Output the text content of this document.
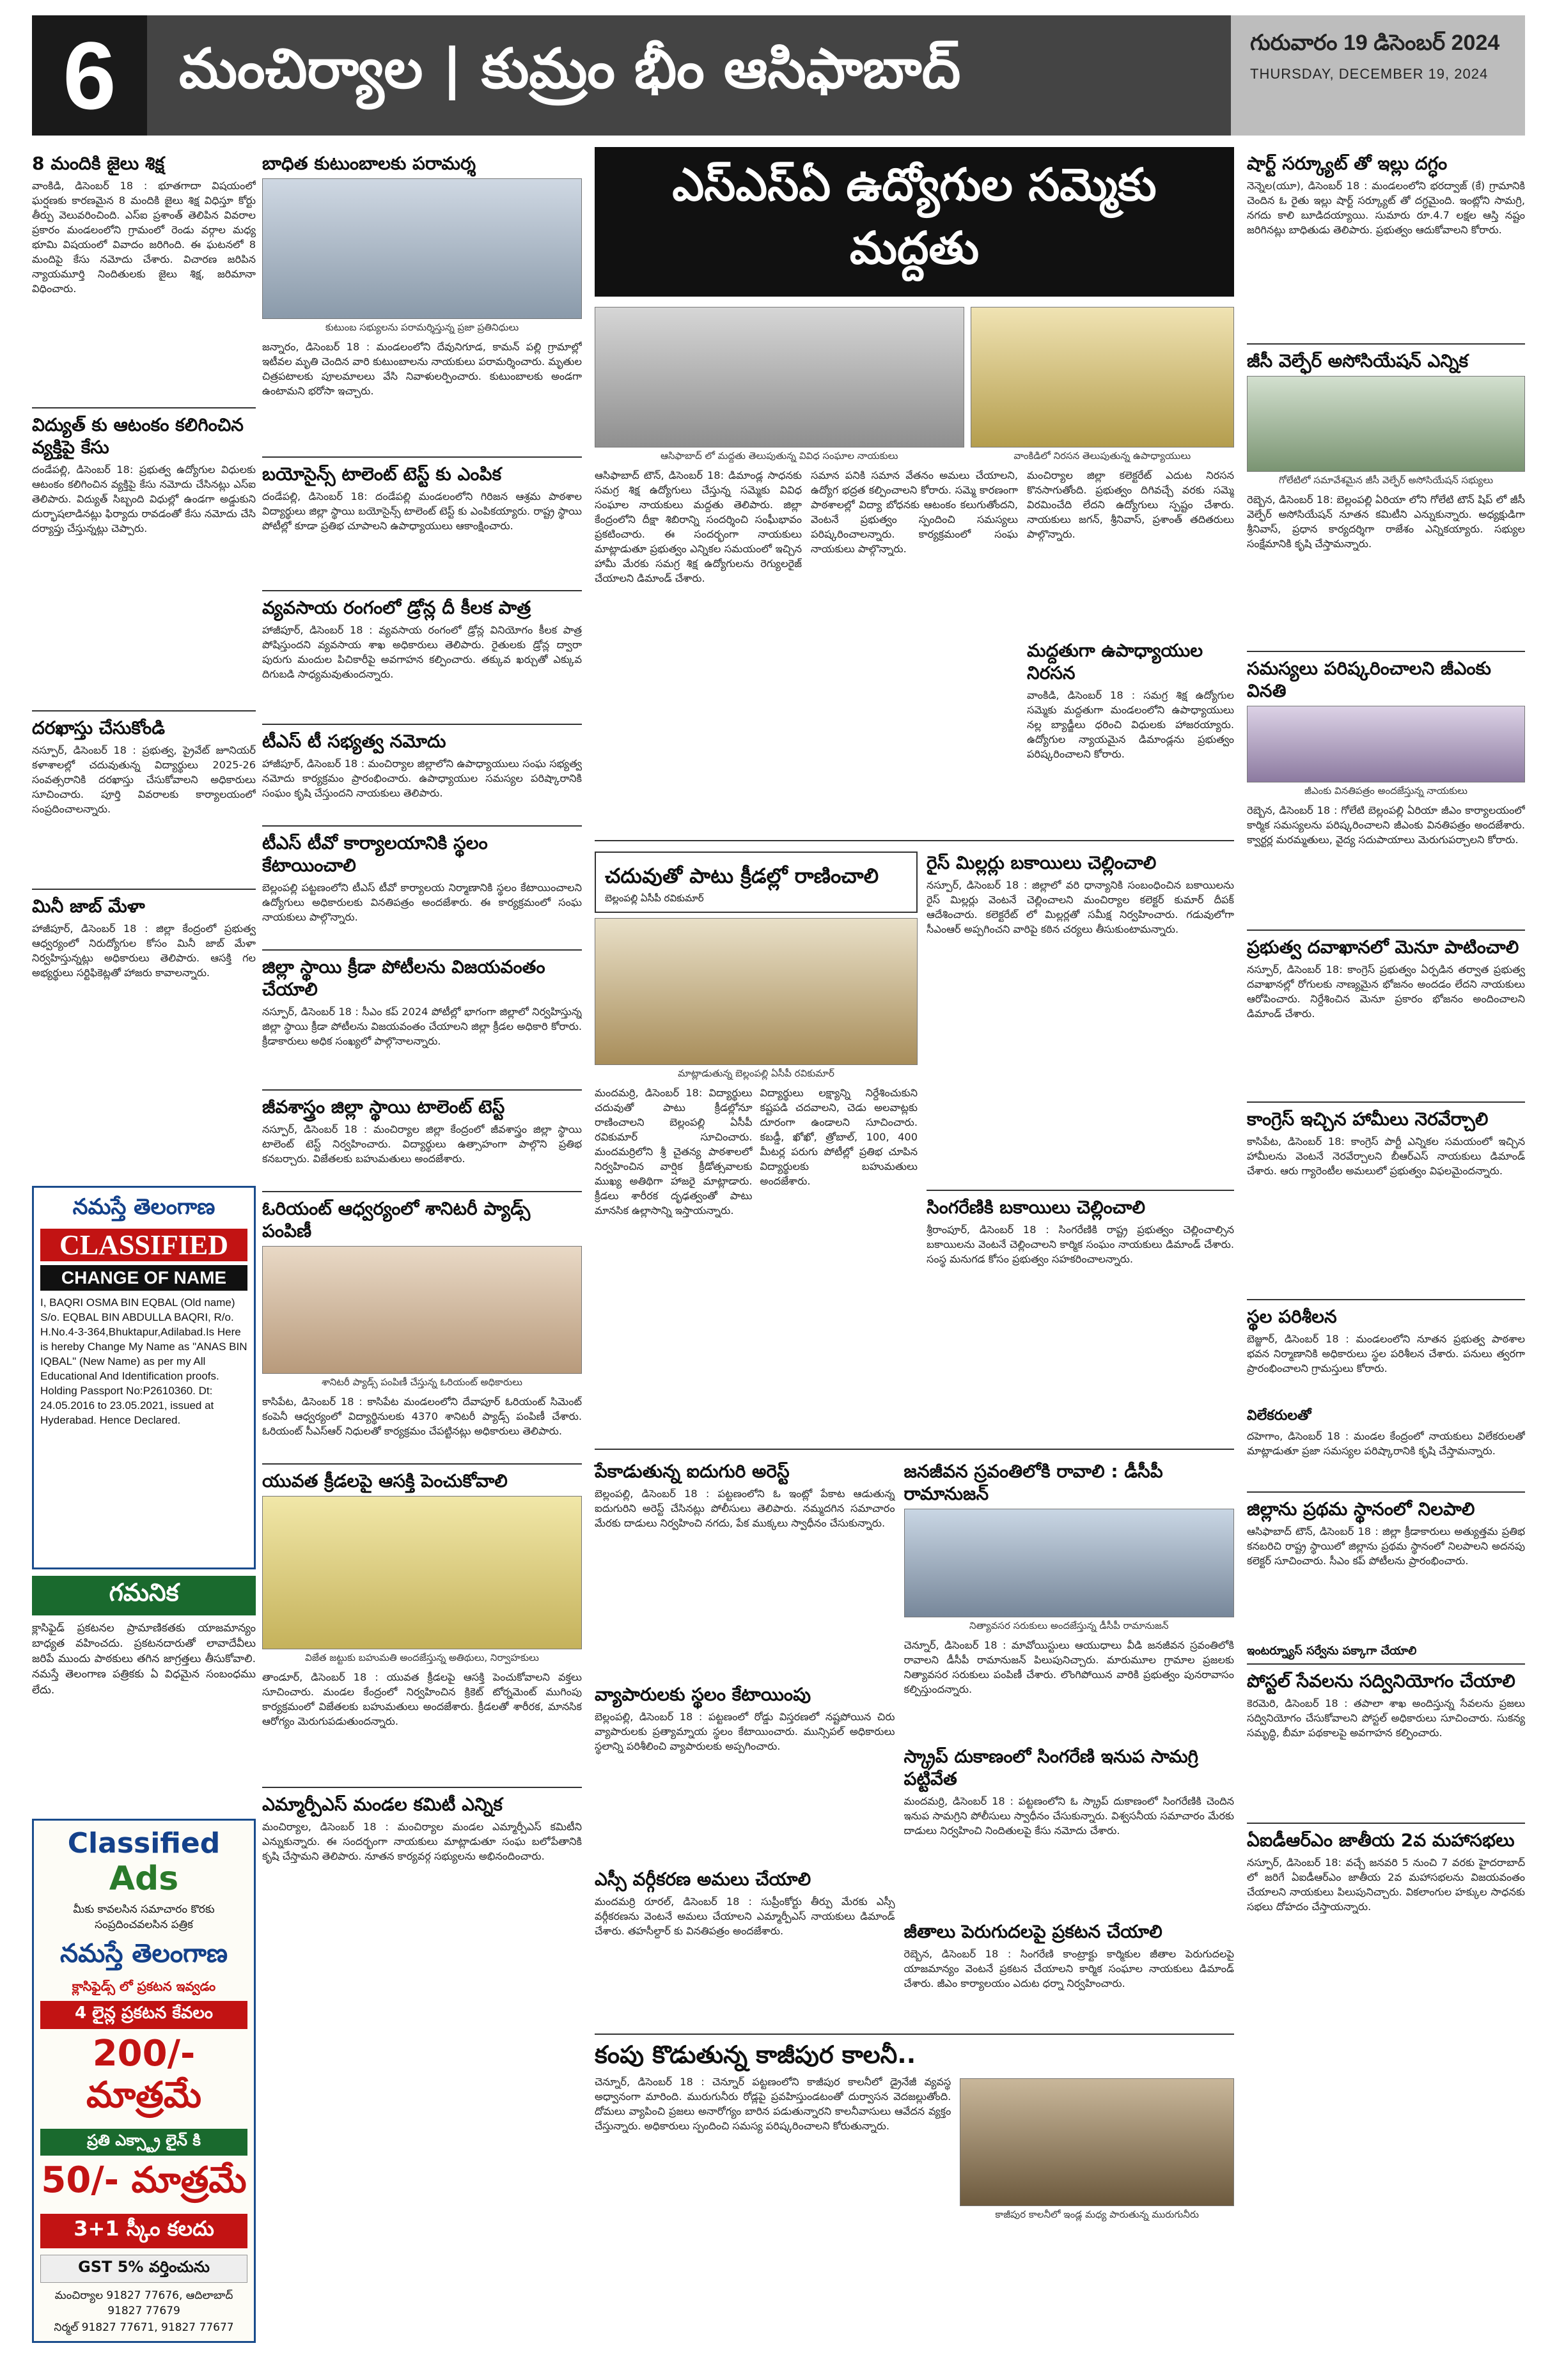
6	మంచిర్యాల | కుమ్రం భీం ఆసిఫాబాద్	గురువారం 19 డిసెంబర్ 2024
THURSDAY, DECEMBER 19, 2024
8 మందికి జైలు శిక్ష
వాంకిడి, డిసెంబర్ 18 : భూతగాదా విషయంలో ఘర్షణకు కారణమైన 8 మందికి జైలు శిక్ష విధిస్తూ కోర్టు తీర్పు వెలువరించింది. ఎస్ఐ ప్రశాంత్ తెలిపిన వివరాల ప్రకారం మండలంలోని గ్రామంలో రెండు వర్గాల మధ్య భూమి విషయంలో వివాదం జరిగింది. ఈ ఘటనలో 8 మందిపై కేసు నమోదు చేశారు. విచారణ జరిపిన న్యాయమూర్తి నిందితులకు జైలు శిక్ష, జరిమానా విధించారు.
విద్యుత్ కు ఆటంకం కలిగించిన వ్యక్తిపై కేసు
దండేపల్లి, డిసెంబర్ 18: ప్రభుత్వ ఉద్యోగుల విధులకు ఆటంకం కలిగించిన వ్యక్తిపై కేసు నమోదు చేసినట్లు ఎస్ఐ తెలిపారు. విద్యుత్ సిబ్బంది విధుల్లో ఉండగా అడ్డుకుని దుర్భాషలాడినట్లు ఫిర్యాదు రావడంతో కేసు నమోదు చేసి దర్యాప్తు చేస్తున్నట్లు చెప్పారు.
దరఖాస్తు చేసుకోండి
నస్పూర్, డిసెంబర్ 18 : ప్రభుత్వ, ప్రైవేట్ జూనియర్ కళాశాలల్లో చదువుతున్న విద్యార్థులు 2025-26 సంవత్సరానికి దరఖాస్తు చేసుకోవాలని అధికారులు సూచించారు. పూర్తి వివరాలకు కార్యాలయంలో సంప్రదించాలన్నారు.
మినీ జాబ్ మేళా
హాజీపూర్, డిసెంబర్ 18 : జిల్లా కేంద్రంలో ప్రభుత్వ ఆధ్వర్యంలో నిరుద్యోగుల కోసం మినీ జాబ్ మేళా నిర్వహిస్తున్నట్లు అధికారులు తెలిపారు. ఆసక్తి గల అభ్యర్థులు సర్టిఫికెట్లతో హాజరు కావాలన్నారు.
నమస్తే తెలంగాణ
CLASSIFIED
CHANGE OF NAME
I, BAQRI OSMA BIN EQBAL (Old name) S/o. EQBAL BIN ABDULLA BAQRI, R/o. H.No.4-3-364,Bhuktapur,Adilabad.Is Here is hereby Change My Name as "ANAS BIN IQBAL" (New Name) as per my All Educational And Identification proofs. Holding Passport No:P2610360. Dt: 24.05.2016 to 23.05.2021, issued at Hyderabad. Hence Declared.
గమనిక
క్లాసిఫైడ్ ప్రకటనల ప్రామాణికతకు యాజమాన్యం బాధ్యత వహించదు. ప్రకటనదారుతో లావాదేవీలు జరిపే ముందు పాఠకులు తగిన జాగ్రత్తలు తీసుకోవాలి. నమస్తే తెలంగాణ పత్రికకు ఏ విధమైన సంబంధము లేదు.
Classified
Ads
మీకు కావలసిన సమాచారం కొరకు సంప్రదించవలసిన పత్రిక
నమస్తే తెలంగాణ
క్లాసిఫైడ్స్ లో ప్రకటన ఇవ్వడం
4 లైన్ల ప్రకటన కేవలం
200/- మాత్రమే
ప్రతి ఎక్స్ట్రా లైన్ కి
50/- మాత్రమే
3+1 స్కీం కలదు
GST 5% వర్తించును
మంచిర్యాల 91827 77676, ఆదిలాబాద్ 91827 77679
నిర్మల్ 91827 77671, 91827 77677
బాధిత కుటుంబాలకు పరామర్శ
కుటుంబ సభ్యులను పరామర్శిస్తున్న ప్రజా ప్రతినిధులు
జన్నారం, డిసెంబర్ 18 : మండలంలోని దేవునిగూడ, కామన్ పల్లి గ్రామాల్లో ఇటీవల మృతి చెందిన వారి కుటుంబాలను నాయకులు పరామర్శించారు. మృతుల చిత్రపటాలకు పూలమాలలు వేసి నివాళులర్పించారు. కుటుంబాలకు అండగా ఉంటామని భరోసా ఇచ్చారు.
బయోసైన్స్ టాలెంట్ టెస్ట్ కు ఎంపిక
దండేపల్లి, డిసెంబర్ 18: దండేపల్లి మండలంలోని గిరిజన ఆశ్రమ పాఠశాల విద్యార్థులు జిల్లా స్థాయి బయోసైన్స్ టాలెంట్ టెస్ట్ కు ఎంపికయ్యారు. రాష్ట్ర స్థాయి పోటీల్లో కూడా ప్రతిభ చూపాలని ఉపాధ్యాయులు ఆకాంక్షించారు.
వ్యవసాయ రంగంలో డ్రోన్ల దీ కీలక పాత్ర
హాజీపూర్, డిసెంబర్ 18 : వ్యవసాయ రంగంలో డ్రోన్ల వినియోగం కీలక పాత్ర పోషిస్తుందని వ్యవసాయ శాఖ అధికారులు తెలిపారు. రైతులకు డ్రోన్ల ద్వారా పురుగు మందుల పిచికారీపై అవగాహన కల్పించారు. తక్కువ ఖర్చుతో ఎక్కువ దిగుబడి సాధ్యమవుతుందన్నారు.
టీఎస్ టీ సభ్యత్వ నమోదు
హాజీపూర్, డిసెంబర్ 18 : మంచిర్యాల జిల్లాలోని ఉపాధ్యాయులు సంఘ సభ్యత్వ నమోదు కార్యక్రమం ప్రారంభించారు. ఉపాధ్యాయుల సమస్యల పరిష్కారానికి సంఘం కృషి చేస్తుందని నాయకులు తెలిపారు.
టీఎస్ టీవో కార్యాలయానికి స్థలం కేటాయించాలి
బెల్లంపల్లి పట్టణంలోని టీఎస్ టీవో కార్యాలయ నిర్మాణానికి స్థలం కేటాయించాలని ఉద్యోగులు అధికారులకు వినతిపత్రం అందజేశారు. ఈ కార్యక్రమంలో సంఘ నాయకులు పాల్గొన్నారు.
జిల్లా స్థాయి క్రీడా పోటీలను విజయవంతం చేయాలి
నస్పూర్, డిసెంబర్ 18 : సీఎం కప్ 2024 పోటీల్లో భాగంగా జిల్లాలో నిర్వహిస్తున్న జిల్లా స్థాయి క్రీడా పోటీలను విజయవంతం చేయాలని జిల్లా క్రీడల అధికారి కోరారు. క్రీడాకారులు అధిక సంఖ్యలో పాల్గొనాలన్నారు.
జీవశాస్త్రం జిల్లా స్థాయి టాలెంట్ టెస్ట్
నస్పూర్, డిసెంబర్ 18 : మంచిర్యాల జిల్లా కేంద్రంలో జీవశాస్త్రం జిల్లా స్థాయి టాలెంట్ టెస్ట్ నిర్వహించారు. విద్యార్థులు ఉత్సాహంగా పాల్గొని ప్రతిభ కనబర్చారు. విజేతలకు బహుమతులు అందజేశారు.
ఓరియంట్ ఆధ్వర్యంలో శానిటరీ ప్యాడ్స్ పంపిణీ
శానిటరీ ప్యాడ్స్ పంపిణీ చేస్తున్న ఓరియంట్ అధికారులు
కాసిపేట, డిసెంబర్ 18 : కాసిపేట మండలంలోని దేవాపూర్ ఓరియంట్ సిమెంట్ కంపెనీ ఆధ్వర్యంలో విద్యార్థినులకు 4370 శానిటరీ ప్యాడ్స్ పంపిణీ చేశారు. ఓరియంట్ సీఎస్ఆర్ నిధులతో కార్యక్రమం చేపట్టినట్లు అధికారులు తెలిపారు.
యువత క్రీడలపై ఆసక్తి పెంచుకోవాలి
విజేత జట్టుకు బహుమతి అందజేస్తున్న అతిథులు, నిర్వాహకులు
తాండూర్, డిసెంబర్ 18 : యువత క్రీడలపై ఆసక్తి పెంచుకోవాలని వక్తలు సూచించారు. మండల కేంద్రంలో నిర్వహించిన క్రికెట్ టోర్నమెంట్ ముగింపు కార్యక్రమంలో విజేతలకు బహుమతులు అందజేశారు. క్రీడలతో శారీరక, మానసిక ఆరోగ్యం మెరుగుపడుతుందన్నారు.
ఎమ్మార్పీఎస్ మండల కమిటీ ఎన్నిక
మంచిర్యాల, డిసెంబర్ 18 : మంచిర్యాల మండల ఎమ్మార్పీఎస్ కమిటీని ఎన్నుకున్నారు. ఈ సందర్భంగా నాయకులు మాట్లాడుతూ సంఘ బలోపేతానికి కృషి చేస్తామని తెలిపారు. నూతన కార్యవర్గ సభ్యులను అభినందించారు.
ఎస్ఎస్ఏ ఉద్యోగుల సమ్మెకు మద్దతు
ఆసిఫాబాద్ లో మద్దతు తెలుపుతున్న వివిధ సంఘాల నాయకులు	వాంకిడిలో నిరసన తెలుపుతున్న ఉపాధ్యాయులు
ఆసిఫాబాద్ టౌన్, డిసెంబర్ 18: డిమాండ్ల సాధనకు సమగ్ర శిక్ష ఉద్యోగులు చేస్తున్న సమ్మెకు వివిధ సంఘాల నాయకులు మద్దతు తెలిపారు. జిల్లా కేంద్రంలోని దీక్షా శిబిరాన్ని సందర్శించి సంఘీభావం ప్రకటించారు. ఈ సందర్భంగా నాయకులు మాట్లాడుతూ ప్రభుత్వం ఎన్నికల సమయంలో ఇచ్చిన హామీ మేరకు సమగ్ర శిక్ష ఉద్యోగులను రెగ్యులరైజ్ చేయాలని డిమాండ్ చేశారు.
సమాన పనికి సమాన వేతనం అమలు చేయాలని, ఉద్యోగ భద్రత కల్పించాలని కోరారు. సమ్మె కారణంగా పాఠశాలల్లో విద్యా బోధనకు ఆటంకం కలుగుతోందని, వెంటనే ప్రభుత్వం స్పందించి సమస్యలు పరిష్కరించాలన్నారు. కార్యక్రమంలో సంఘ నాయకులు పాల్గొన్నారు.
మంచిర్యాల జిల్లా కలెక్టరేట్ ఎదుట నిరసన కొనసాగుతోంది. ప్రభుత్వం దిగివచ్చే వరకు సమ్మె విరమించేది లేదని ఉద్యోగులు స్పష్టం చేశారు. నాయకులు జగన్, శ్రీనివాస్, ప్రశాంత్ తదితరులు పాల్గొన్నారు.
మద్దతుగా ఉపాధ్యాయుల నిరసన
వాంకిడి, డిసెంబర్ 18 : సమగ్ర శిక్ష ఉద్యోగుల సమ్మెకు మద్దతుగా మండలంలోని ఉపాధ్యాయులు నల్ల బ్యాడ్జీలు ధరించి విధులకు హాజరయ్యారు. ఉద్యోగుల న్యాయమైన డిమాండ్లను ప్రభుత్వం పరిష్కరించాలని కోరారు.
చదువుతో పాటు క్రీడల్లో రాణించాలి
బెల్లంపల్లి ఏసీపీ రవికుమార్
మాట్లాడుతున్న బెల్లంపల్లి ఏసీపీ రవికుమార్
మందమర్రి, డిసెంబర్ 18: విద్యార్థులు చదువుతో పాటు క్రీడల్లోనూ రాణించాలని బెల్లంపల్లి ఏసీపీ రవికుమార్ సూచించారు. మందమర్రిలోని శ్రీ చైతన్య పాఠశాలలో నిర్వహించిన వార్షిక క్రీడోత్సవాలకు ముఖ్య అతిథిగా హాజరై మాట్లాడారు. క్రీడలు శారీరక దృఢత్వంతో పాటు మానసిక ఉల్లాసాన్ని ఇస్తాయన్నారు.
విద్యార్థులు లక్ష్యాన్ని నిర్దేశించుకుని కష్టపడి చదవాలని, చెడు అలవాట్లకు దూరంగా ఉండాలని సూచించారు. కబడ్డీ, ఖోఖో, త్రోబాల్, 100, 400 మీటర్ల పరుగు పోటీల్లో ప్రతిభ చూపిన విద్యార్థులకు బహుమతులు అందజేశారు.
రైస్ మిల్లర్లు బకాయిలు చెల్లించాలి
నస్పూర్, డిసెంబర్ 18 : జిల్లాలో వరి ధాన్యానికి సంబంధించిన బకాయిలను రైస్ మిల్లర్లు వెంటనే చెల్లించాలని మంచిర్యాల కలెక్టర్ కుమార్ దీపక్ ఆదేశించారు. కలెక్టరేట్ లో మిల్లర్లతో సమీక్ష నిర్వహించారు. గడువులోగా సీఎంఆర్ అప్పగించని వారిపై కఠిన చర్యలు తీసుకుంటామన్నారు.
సింగరేణికి బకాయిలు చెల్లించాలి
శ్రీరాంపూర్, డిసెంబర్ 18 : సింగరేణికి రాష్ట్ర ప్రభుత్వం చెల్లించాల్సిన బకాయిలను వెంటనే చెల్లించాలని కార్మిక సంఘం నాయకులు డిమాండ్ చేశారు. సంస్థ మనుగడ కోసం ప్రభుత్వం సహకరించాలన్నారు.
పేకాడుతున్న ఐదుగురి అరెస్ట్
బెల్లంపల్లి, డిసెంబర్ 18 : పట్టణంలోని ఓ ఇంట్లో పేకాట ఆడుతున్న ఐదుగురిని అరెస్ట్ చేసినట్లు పోలీసులు తెలిపారు. నమ్మదగిన సమాచారం మేరకు దాడులు నిర్వహించి నగదు, పేక ముక్కలు స్వాధీనం చేసుకున్నారు.
వ్యాపారులకు స్థలం కేటాయింపు
బెల్లంపల్లి, డిసెంబర్ 18 : పట్టణంలో రోడ్డు విస్తరణలో నష్టపోయిన చిరు వ్యాపారులకు ప్రత్యామ్నాయ స్థలం కేటాయించారు. మున్సిపల్ అధికారులు స్థలాన్ని పరిశీలించి వ్యాపారులకు అప్పగించారు.
ఎస్సీ వర్గీకరణ అమలు చేయాలి
మందమర్రి రూరల్, డిసెంబర్ 18 : సుప్రీంకోర్టు తీర్పు మేరకు ఎస్సీ వర్గీకరణను వెంటనే అమలు చేయాలని ఎమ్మార్పీఎస్ నాయకులు డిమాండ్ చేశారు. తహసీల్దార్ కు వినతిపత్రం అందజేశారు.
జనజీవన స్రవంతిలోకి రావాలి : డీసీపీ రామానుజన్
నిత్యావసర సరుకులు అందజేస్తున్న డీసీపీ రామానుజన్
చెన్నూర్, డిసెంబర్ 18 : మావోయిస్టులు ఆయుధాలు వీడి జనజీవన స్రవంతిలోకి రావాలని డీసీపీ రామానుజన్ పిలుపునిచ్చారు. మారుమూల గ్రామాల ప్రజలకు నిత్యావసర సరుకులు పంపిణీ చేశారు. లొంగిపోయిన వారికి ప్రభుత్వం పునరావాసం కల్పిస్తుందన్నారు.
స్క్రాప్ దుకాణంలో సింగరేణి ఇనుప సామగ్రి పట్టివేత
మందమర్రి, డిసెంబర్ 18 : పట్టణంలోని ఓ స్క్రాప్ దుకాణంలో సింగరేణికి చెందిన ఇనుప సామగ్రిని పోలీసులు స్వాధీనం చేసుకున్నారు. విశ్వసనీయ సమాచారం మేరకు దాడులు నిర్వహించి నిందితులపై కేసు నమోదు చేశారు.
జీతాలు పెరుగుదలపై ప్రకటన చేయాలి
రెబ్బెన, డిసెంబర్ 18 : సింగరేణి కాంట్రాక్టు కార్మికుల జీతాల పెరుగుదలపై యాజమాన్యం వెంటనే ప్రకటన చేయాలని కార్మిక సంఘాల నాయకులు డిమాండ్ చేశారు. జీఎం కార్యాలయం ఎదుట ధర్నా నిర్వహించారు.
కంపు కొడుతున్న కాజీపుర కాలనీ..
చెన్నూర్, డిసెంబర్ 18 : చెన్నూర్ పట్టణంలోని కాజీపుర కాలనీలో డ్రైనేజీ వ్యవస్థ అధ్వానంగా మారింది. మురుగునీరు రోడ్లపై ప్రవహిస్తుండటంతో దుర్వాసన వెదజల్లుతోంది. దోమలు వ్యాపించి ప్రజలు అనారోగ్యం బారిన పడుతున్నారని కాలనీవాసులు ఆవేదన వ్యక్తం చేస్తున్నారు. అధికారులు స్పందించి సమస్య పరిష్కరించాలని కోరుతున్నారు.
కాజీపుర కాలనీలో ఇండ్ల మధ్య పారుతున్న మురుగునీరు
షార్ట్ సర్క్యూట్ తో ఇల్లు దగ్ధం
నెన్నెల(యూ), డిసెంబర్ 18 : మండలంలోని భరద్వాజ్ (కే) గ్రామానికి చెందిన ఓ రైతు ఇల్లు షార్ట్ సర్క్యూట్ తో దగ్ధమైంది. ఇంట్లోని సామగ్రి, నగదు కాలి బూడిదయ్యాయి. సుమారు రూ.4.7 లక్షల ఆస్తి నష్టం జరిగినట్లు బాధితుడు తెలిపారు. ప్రభుత్వం ఆదుకోవాలని కోరారు.
జీసీ వెల్ఫేర్ అసోసియేషన్ ఎన్నిక
గోలేటిలో సమావేశమైన జీసీ వెల్ఫేర్ అసోసియేషన్ సభ్యులు
రెబ్బెన, డిసెంబర్ 18: బెల్లంపల్లి ఏరియా లోని గోలేటి టౌన్ షిప్ లో జీసీ వెల్ఫేర్ అసోసియేషన్ నూతన కమిటీని ఎన్నుకున్నారు. అధ్యక్షుడిగా శ్రీనివాస్, ప్రధాన కార్యదర్శిగా రాజేశం ఎన్నికయ్యారు. సభ్యుల సంక్షేమానికి కృషి చేస్తామన్నారు.
సమస్యలు పరిష్కరించాలని జీఎంకు వినతి
జీఎంకు వినతిపత్రం అందజేస్తున్న నాయకులు
రెబ్బెన, డిసెంబర్ 18 : గోలేటి బెల్లంపల్లి ఏరియా జీఎం కార్యాలయంలో కార్మిక సమస్యలను పరిష్కరించాలని జీఎంకు వినతిపత్రం అందజేశారు. క్వార్టర్ల మరమ్మతులు, వైద్య సదుపాయాలు మెరుగుపర్చాలని కోరారు.
ప్రభుత్వ దవాఖానలో మెనూ పాటించాలి
నస్పూర్, డిసెంబర్ 18: కాంగ్రెస్ ప్రభుత్వం ఏర్పడిన తర్వాత ప్రభుత్వ దవాఖానల్లో రోగులకు నాణ్యమైన భోజనం అందడం లేదని నాయకులు ఆరోపించారు. నిర్దేశించిన మెనూ ప్రకారం భోజనం అందించాలని డిమాండ్ చేశారు.
కాంగ్రెస్ ఇచ్చిన హామీలు నెరవేర్చాలి
కాసిపేట, డిసెంబర్ 18: కాంగ్రెస్ పార్టీ ఎన్నికల సమయంలో ఇచ్చిన హామీలను వెంటనే నెరవేర్చాలని బీఆర్ఎస్ నాయకులు డిమాండ్ చేశారు. ఆరు గ్యారెంటీల అమలులో ప్రభుత్వం విఫలమైందన్నారు.
స్థల పరిశీలన
బెజ్జూర్, డిసెంబర్ 18 : మండలంలోని నూతన ప్రభుత్వ పాఠశాల భవన నిర్మాణానికి అధికారులు స్థల పరిశీలన చేశారు. పనులు త్వరగా ప్రారంభించాలని గ్రామస్తులు కోరారు.
విలేకరులతో
దహెగాం, డిసెంబర్ 18 : మండల కేంద్రంలో నాయకులు విలేకరులతో మాట్లాడుతూ ప్రజా సమస్యల పరిష్కారానికి కృషి చేస్తామన్నారు.
జిల్లాను ప్రథమ స్థానంలో నిలపాలి
ఆసిఫాబాద్ టౌన్, డిసెంబర్ 18 : జిల్లా క్రీడాకారులు అత్యుత్తమ ప్రతిభ కనబరిచి రాష్ట్ర స్థాయిలో జిల్లాను ప్రథమ స్థానంలో నిలపాలని అదనపు కలెక్టర్ సూచించారు. సీఎం కప్ పోటీలను ప్రారంభించారు.
ఇంటర్న్యూస్ సర్వేను పక్కాగా చేయాలి
పోస్టల్ సేవలను సద్వినియోగం చేయాలి
కెరమెరి, డిసెంబర్ 18 : తపాలా శాఖ అందిస్తున్న సేవలను ప్రజలు సద్వినియోగం చేసుకోవాలని పోస్టల్ అధికారులు సూచించారు. సుకన్య సమృద్ధి, బీమా పథకాలపై అవగాహన కల్పించారు.
ఏఐడీఆర్ఎం జాతీయ 2వ మహాసభలు
నస్పూర్, డిసెంబర్ 18: వచ్చే జనవరి 5 నుంచి 7 వరకు హైదరాబాద్ లో జరిగే ఏఐడీఆర్ఎం జాతీయ 2వ మహాసభలను విజయవంతం చేయాలని నాయకులు పిలుపునిచ్చారు. వికలాంగుల హక్కుల సాధనకు సభలు దోహదం చేస్తాయన్నారు.
